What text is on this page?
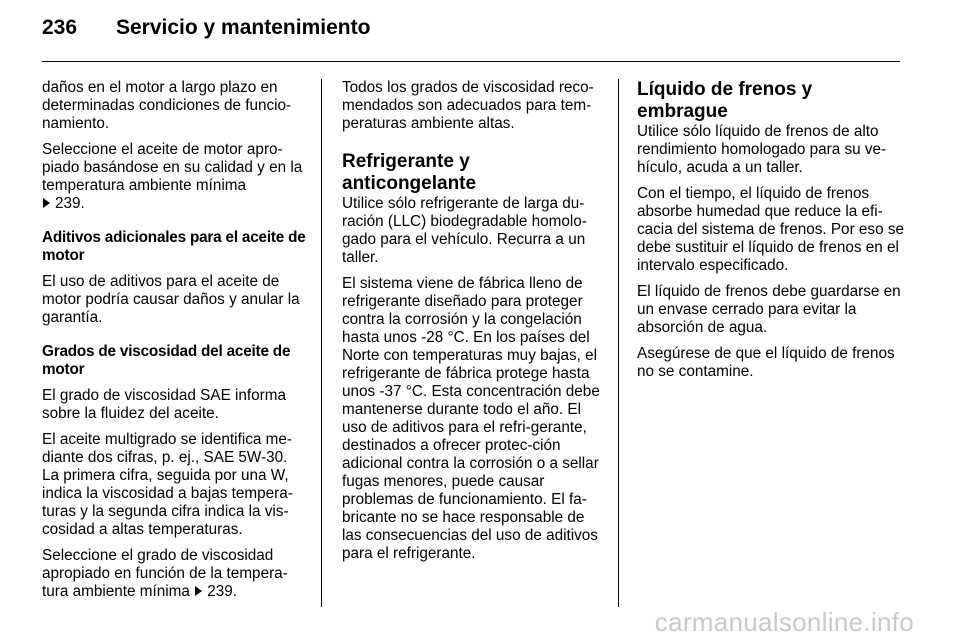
236	Servicio y mantenimiento

daños en el motor a largo plazo en determinadas condiciones de funcio-namiento.

Seleccione el aceite de motor apro-piado basándose en su calidad y en la temperatura ambiente mínima
239.

Aditivos adicionales para el aceite de motor

El uso de aditivos para el aceite de motor podría causar daños y anular la garantía.

Grados de viscosidad del aceite de motor

El grado de viscosidad SAE informa sobre la fluidez del aceite.

El aceite multigrado se identifica me-diante dos cifras, p. ej., SAE 5W-30. La primera cifra, seguida por una W, indica la viscosidad a bajas tempera-turas y la segunda cifra indica la vis-cosidad a altas temperaturas.

Seleccione el grado de viscosidad apropiado en función de la tempera-tura ambiente mínima 239.

Todos los grados de viscosidad reco-mendados son adecuados para tem-peraturas ambiente altas.

Refrigerante y anticongelante

Utilice sólo refrigerante de larga du-ración (LLC) biodegradable homolo-gado para el vehículo. Recurra a un taller.

El sistema viene de fábrica lleno de refrigerante diseñado para proteger contra la corrosión y la congelación hasta unos -28 °C. En los países del Norte con temperaturas muy bajas, el refrigerante de fábrica protege hasta unos -37 °C. Esta concentración debe mantenerse durante todo el año. El uso de aditivos para el refri-gerante, destinados a ofrecer protec-ción adicional contra la corrosión o a sellar fugas menores, puede causar problemas de funcionamiento. El fa-bricante no se hace responsable de las consecuencias del uso de aditivos para el refrigerante.

Líquido de frenos y embrague

Utilice sólo líquido de frenos de alto rendimiento homologado para su ve-hículo, acuda a un taller.

Con el tiempo, el líquido de frenos absorbe humedad que reduce la efi-cacia del sistema de frenos. Por eso se debe sustituir el líquido de frenos en el intervalo especificado.

El líquido de frenos debe guardarse en un envase cerrado para evitar la absorción de agua.

Asegúrese de que el líquido de frenos no se contamine.

carmanualsonline.info
